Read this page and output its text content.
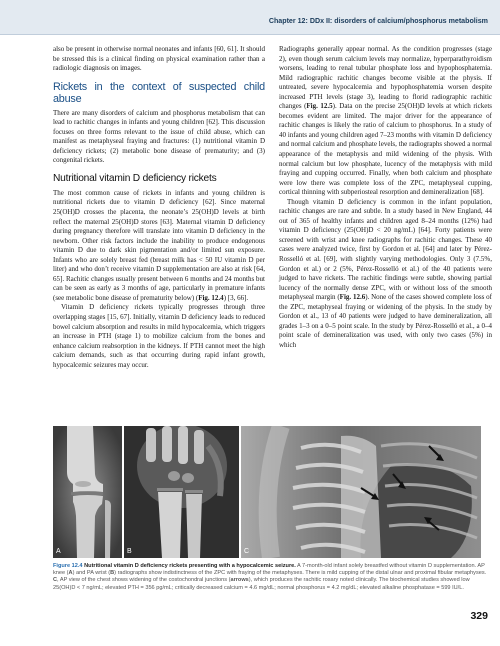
Chapter 12: DDx II: disorders of calcium/phosphorus metabolism

also be present in otherwise normal neonates and infants [60, 61]. It should be stressed this is a clinical finding on physical examination rather than a radiologic diagnosis on images.

Rickets in the context of suspected child abuse

There are many disorders of calcium and phosphorus metabolism that can lead to rachitic changes in infants and young children [62]. This discussion focuses on three forms relevant to the issue of child abuse, which can manifest as metaphyseal fraying and fractures: (1) nutritional vitamin D deficiency rickets; (2) metabolic bone disease of prematurity; and (3) congenital rickets.

Nutritional vitamin D deficiency rickets

The most common cause of rickets in infants and young children is nutritional rickets due to vitamin D deficiency [62]. Since maternal 25(OH)D crosses the placenta, the neonate’s 25(OH)D levels at birth reflect the maternal 25(OH)D stores [63]. Maternal vitamin D deficiency during pregnancy therefore will translate into vitamin D deficiency in the newborn. Other risk factors include the inability to produce endogenous vitamin D due to dark skin pigmentation and/or limited sun exposure. Infants who are solely breast fed (breast milk has < 50 IU vitamin D per liter) and who don’t receive vitamin D supplementation are also at risk [64, 65]. Rachitic changes usually present between 6 months and 24 months but can be seen as early as 3 months of age, particularly in premature infants (see metabolic bone disease of prematurity below) (Fig. 12.4) [3, 66].

Vitamin D deficiency rickets typically progresses through three overlapping stages [15, 67]. Initially, vitamin D deficiency leads to reduced bowel calcium absorption and results in mild hypocalcemia, which triggers an increase in PTH (stage 1) to mobilize calcium from the bones and enhance calcium reabsorption in the kidneys. If PTH cannot meet the high calcium demands, such as that occurring during rapid infant growth, hypocalcemic seizures may occur.

Radiographs generally appear normal. As the condition progresses (stage 2), even though serum calcium levels may normalize, hyperparathyroidism worsens, leading to renal tubular phosphate loss and hypophosphatemia. Mild radiographic rachitic changes become visible at the physis. If untreated, severe hypocalcemia and hypophosphatemia worsen despite increased PTH levels (stage 3), leading to florid radiographic rachitic changes (Fig. 12.5). Data on the precise 25(OH)D levels at which rickets becomes evident are limited. The major driver for the appearance of rachitic changes is likely the ratio of calcium to phosphorus. In a study of 40 infants and young children aged 7–23 months with vitamin D deficiency and normal calcium and phosphate levels, the radiographs showed a normal appearance of the metaphysis and mild widening of the physis. With normal calcium but low phosphate, lucency of the metaphysis with mild fraying and cupping occurred. Finally, when both calcium and phosphate were low there was complete loss of the ZPC, metaphyseal cupping, cortical thinning with subperiosteal resorption and demineralization [68].

Though vitamin D deficiency is common in the infant population, rachitic changes are rare and subtle. In a study based in New England, 44 out of 365 of healthy infants and children aged 8–24 months (12%) had vitamin D deficiency (25(OH)D < 20 ng/mL) [64]. Forty patients were screened with wrist and knee radiographs for rachitic changes. These 40 cases were analyzed twice, first by Gordon et al. [64] and later by Pérez-Rosselló et al. [69], with slightly varying methodologies. Only 3 (7.5%, Gordon et al.) or 2 (5%, Pérez-Rosselló et al.) of the 40 patients were judged to have rickets. The rachitic findings were subtle, showing partial lucency of the normally dense ZPC, with or without loss of the smooth metaphyseal margin (Fig. 12.6). None of the cases showed complete loss of the ZPC, metaphyseal fraying or widening of the physis. In the study by Gordon et al., 13 of 40 patients were judged to have demineralization, all grades 1–3 on a 0–5 point scale. In the study by Pérez-Rosselló et al., a 0–4 point scale of demineralization was used, with only two cases (5%) in which

A	B	C
Figure 12.4 Nutritional vitamin D deficiency rickets presenting with a hypocalcemic seizure. A 7-month-old infant solely breastfed without vitamin D supplementation. AP knee (A) and PA wrist (B) radiographs show indistinctness of the ZPC with fraying of the metaphyses. There is mild cupping of the distal ulnar and proximal fibular metaphyses. C, AP view of the chest shows widening of the costochondral junctions (arrows), which produces the rachitic rosary noted clinically. The biochemical studies showed low 25(OH)D < 7 ng/mL; elevated PTH = 356 pg/mL; critically decreased calcium = 4.6 mg/dL; normal phosphorus = 4.2 mg/dL; elevated alkaline phosphatase = 599 IU/L.
329
